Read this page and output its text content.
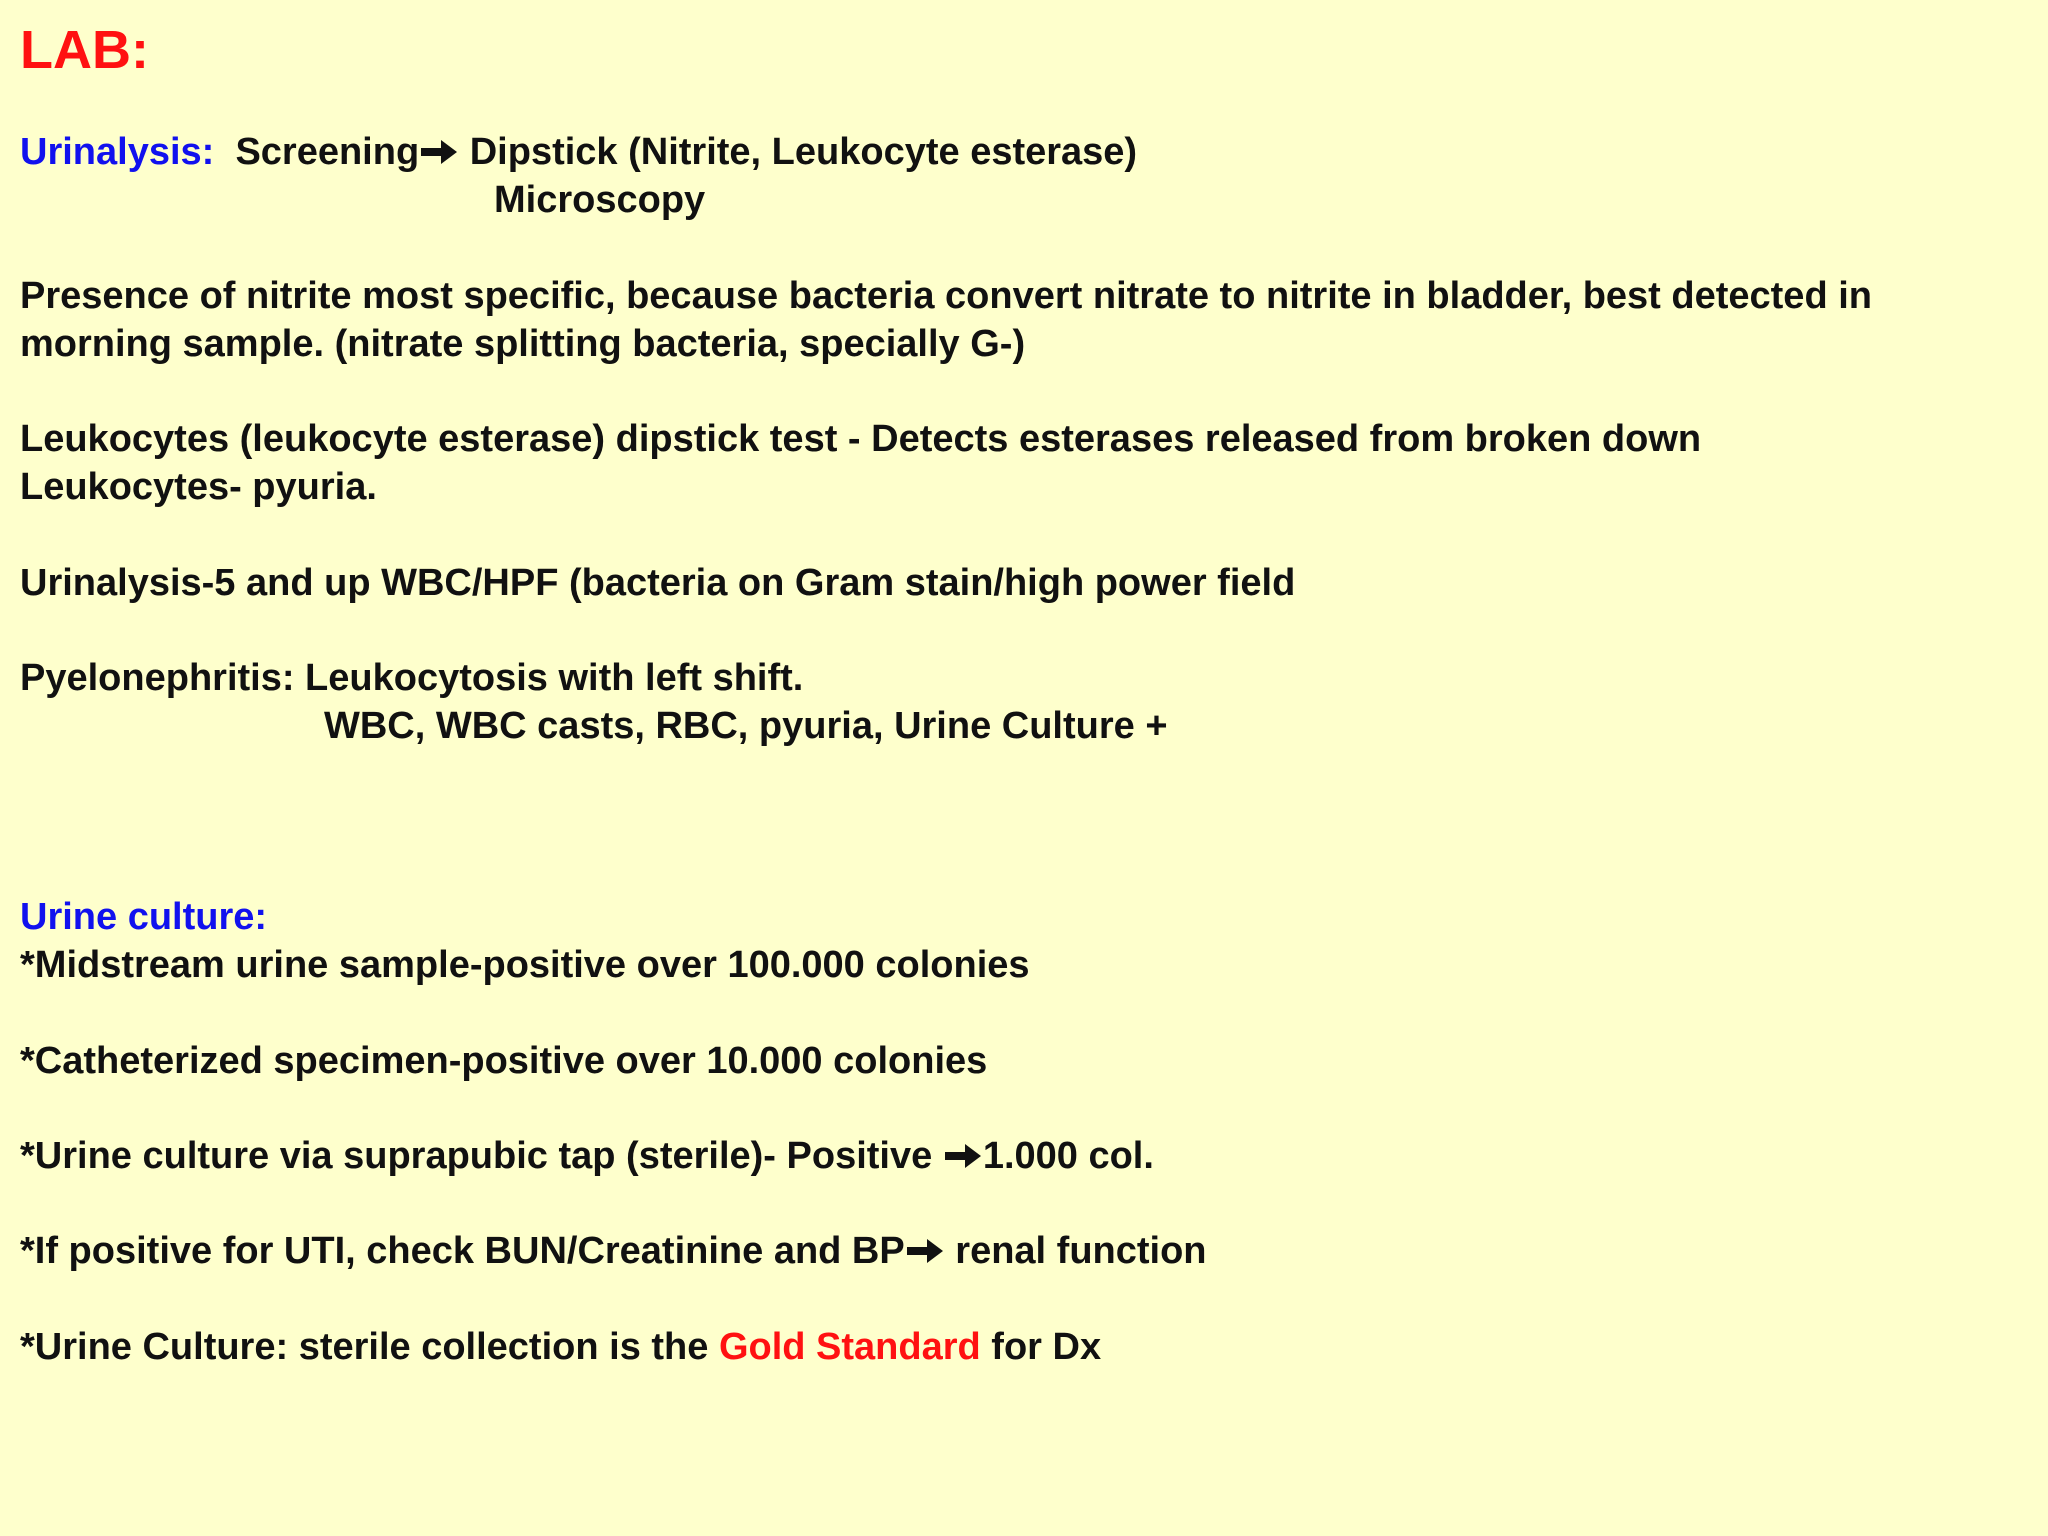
LAB:
Urinalysis: Screening Dipstick (Nitrite, Leukocyte esterase)
Microscopy
Presence of nitrite most specific, because bacteria convert nitrate to nitrite in bladder, best detected in
morning sample. (nitrate splitting bacteria, specially G-)
Leukocytes (leukocyte esterase) dipstick test - Detects esterases released from broken down
Leukocytes- pyuria.
Urinalysis-5 and up WBC/HPF (bacteria on Gram stain/high power field
Pyelonephritis: Leukocytosis with left shift.
WBC, WBC casts, RBC, pyuria, Urine Culture +
Urine culture:
*Midstream urine sample-positive over 100.000 colonies
*Catheterized specimen-positive over 10.000 colonies
*Urine culture via suprapubic tap (sterile)- Positive
1.000 col.
*If positive for UTI, check BUN/Creatinine and BP
renal function
*Urine Culture: sterile collection is the Gold Standard for Dx
